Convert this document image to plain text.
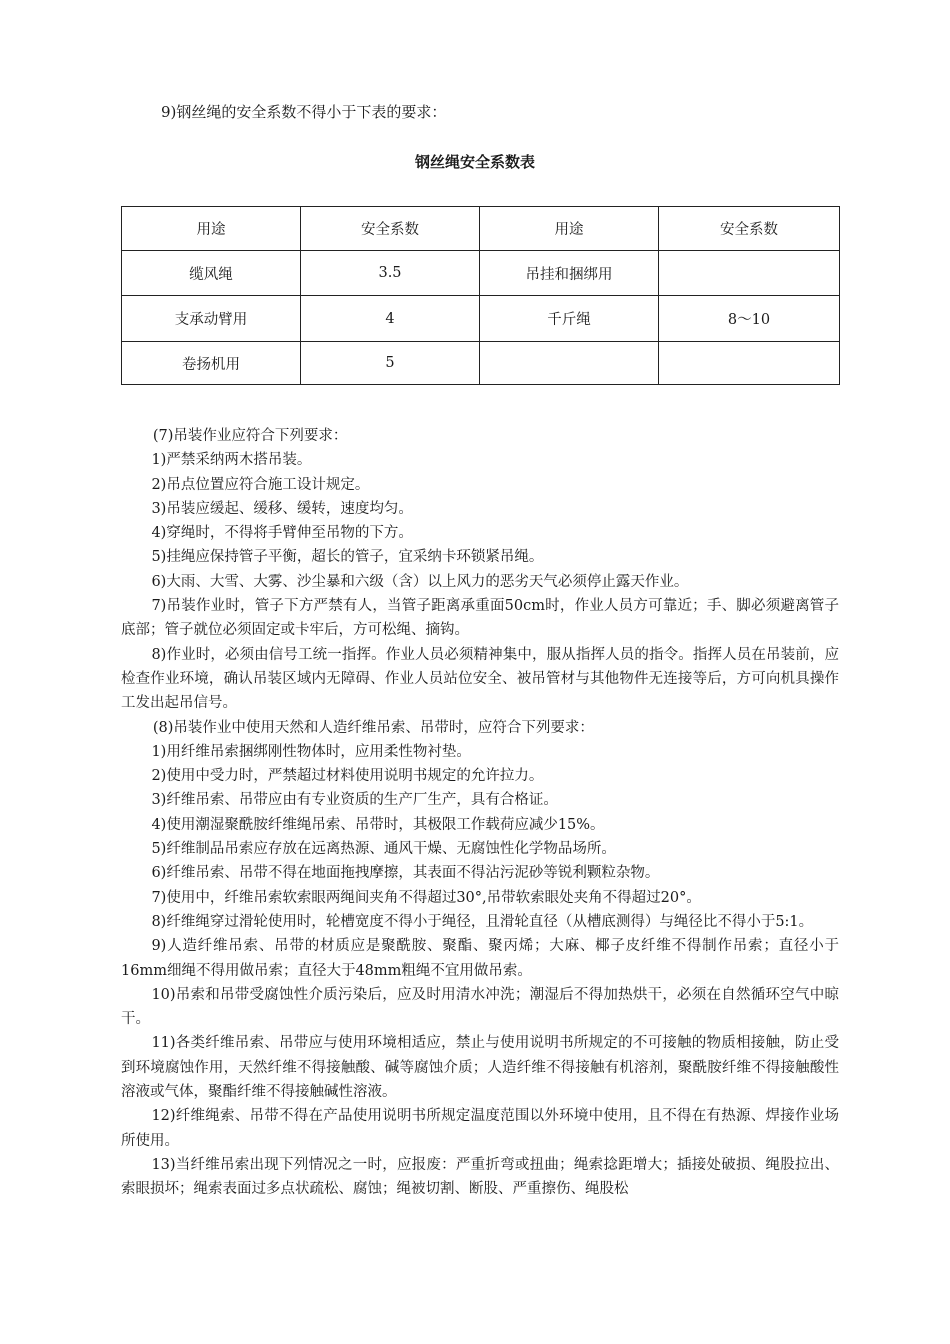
9)钢丝绳的安全系数不得小于下表的要求：
钢丝绳安全系数表
用途	安全系数	用途	安全系数
缆风绳	3.5	吊挂和捆绑用	
支承动臂用	4	千斤绳	8～10
卷扬机用	5		

(7)吊装作业应符合下列要求：

1)严禁采纳两木搭吊装。

2)吊点位置应符合施工设计规定。

3)吊装应缓起、缓移、缓转，速度均匀。

4)穿绳时，不得将手臂伸至吊物的下方。

5)挂绳应保持管子平衡，超长的管子，宜采纳卡环锁紧吊绳。

6)大雨、大雪、大雾、沙尘暴和六级（含）以上风力的恶劣天气必须停止露天作业。

7)吊装作业时，管子下方严禁有人，当管子距离承重面50cm时，作业人员方可靠近；手、脚必须避离管子底部；管子就位必须固定或卡牢后，方可松绳、摘钩。

8)作业时，必须由信号工统一指挥。作业人员必须精神集中，服从指挥人员的指令。指挥人员在吊装前，应检查作业环境，确认吊装区域内无障碍、作业人员站位安全、被吊管材与其他物件无连接等后，方可向机具操作工发出起吊信号。

(8)吊装作业中使用天然和人造纤维吊索、吊带时，应符合下列要求：

1)用纤维吊索捆绑刚性物体时，应用柔性物衬垫。

2)使用中受力时，严禁超过材料使用说明书规定的允许拉力。

3)纤维吊索、吊带应由有专业资质的生产厂生产，具有合格证。

4)使用潮湿聚酰胺纤维绳吊索、吊带时，其极限工作载荷应减少15%。

5)纤维制品吊索应存放在远离热源、通风干燥、无腐蚀性化学物品场所。

6)纤维吊索、吊带不得在地面拖拽摩擦，其表面不得沾污泥砂等锐利颗粒杂物。

7)使用中，纤维吊索软索眼两绳间夹角不得超过30°,吊带软索眼处夹角不得超过20°。

8)纤维绳穿过滑轮使用时，轮槽宽度不得小于绳径，且滑轮直径（从槽底测得）与绳径比不得小于5:1。

9)人造纤维吊索、吊带的材质应是聚酰胺、聚酯、聚丙烯；大麻、椰子皮纤维不得制作吊索；直径小于16mm细绳不得用做吊索；直径大于48mm粗绳不宜用做吊索。

10)吊索和吊带受腐蚀性介质污染后，应及时用清水冲洗；潮湿后不得加热烘干，必须在自然循环空气中晾干。

11)各类纤维吊索、吊带应与使用环境相适应，禁止与使用说明书所规定的不可接触的物质相接触，防止受到环境腐蚀作用，天然纤维不得接触酸、碱等腐蚀介质；人造纤维不得接触有机溶剂，聚酰胺纤维不得接触酸性溶液或气体，聚酯纤维不得接触碱性溶液。

12)纤维绳索、吊带不得在产品使用说明书所规定温度范围以外环境中使用，且不得在有热源、焊接作业场所使用。

13)当纤维吊索出现下列情况之一时，应报废：严重折弯或扭曲；绳索捻距增大；插接处破损、绳股拉出、索眼损坏；绳索表面过多点状疏松、腐蚀；绳被切割、断股、严重擦伤、绳股松
